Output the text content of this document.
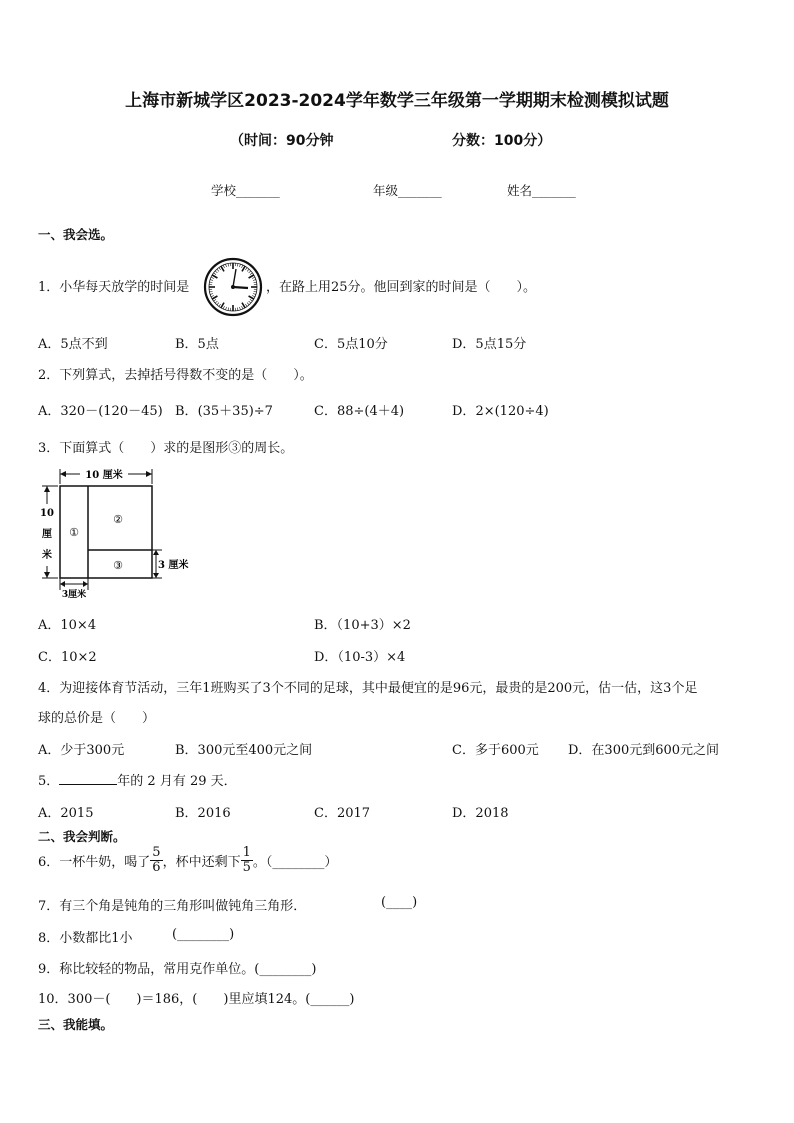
上海市新城学区2023-2024学年数学三年级第一学期期末检测模拟试题
（时间：90分钟	分数：100分）
学校_______	年级_______	姓名_______
一、我会选。
1．小华每天放学的时间是	，在路上用25分。他回到家的时间是（　　）。
A．5点不到	B．5点	C．5点10分	D．5点15分
2．下列算式，去掉括号得数不变的是（　　）。
A．320－(120－45) B．(35＋35)÷7	C．88÷(4＋4)	D．2×(120÷4)
3．下面算式（　　）求的是图形③的周长。
10 厘米
10
厘
米
①
②
③	3 厘米
3厘米
A．10×4	B．（10+3）×2
C．10×2	D．（10-3）×4
4．为迎接体育节活动，三年1班购买了3个不同的足球，其中最便宜的是96元，最贵的是200元，估一估，这3个足
球的总价是（　　）
A．少于300元	B．300元至400元之间	C．多于600元 D．在300元到600元之间
5．	年的 2 月有 29 天．
A．2015	B．2016	C．2017	D．2018
二、我会判断。
6．一杯牛奶，喝了 $\frac{5}{6}$ ，杯中还剩下 $\frac{1}{5}$ 。（________）
7．有三个角是钝角的三角形叫做钝角三角形．	(____)
8．小数都比1小	(________)
9．称比较轻的物品，常用克作单位。(________)
10．300－(　　)＝186，(　　)里应填124。(______)
三、我能填。
